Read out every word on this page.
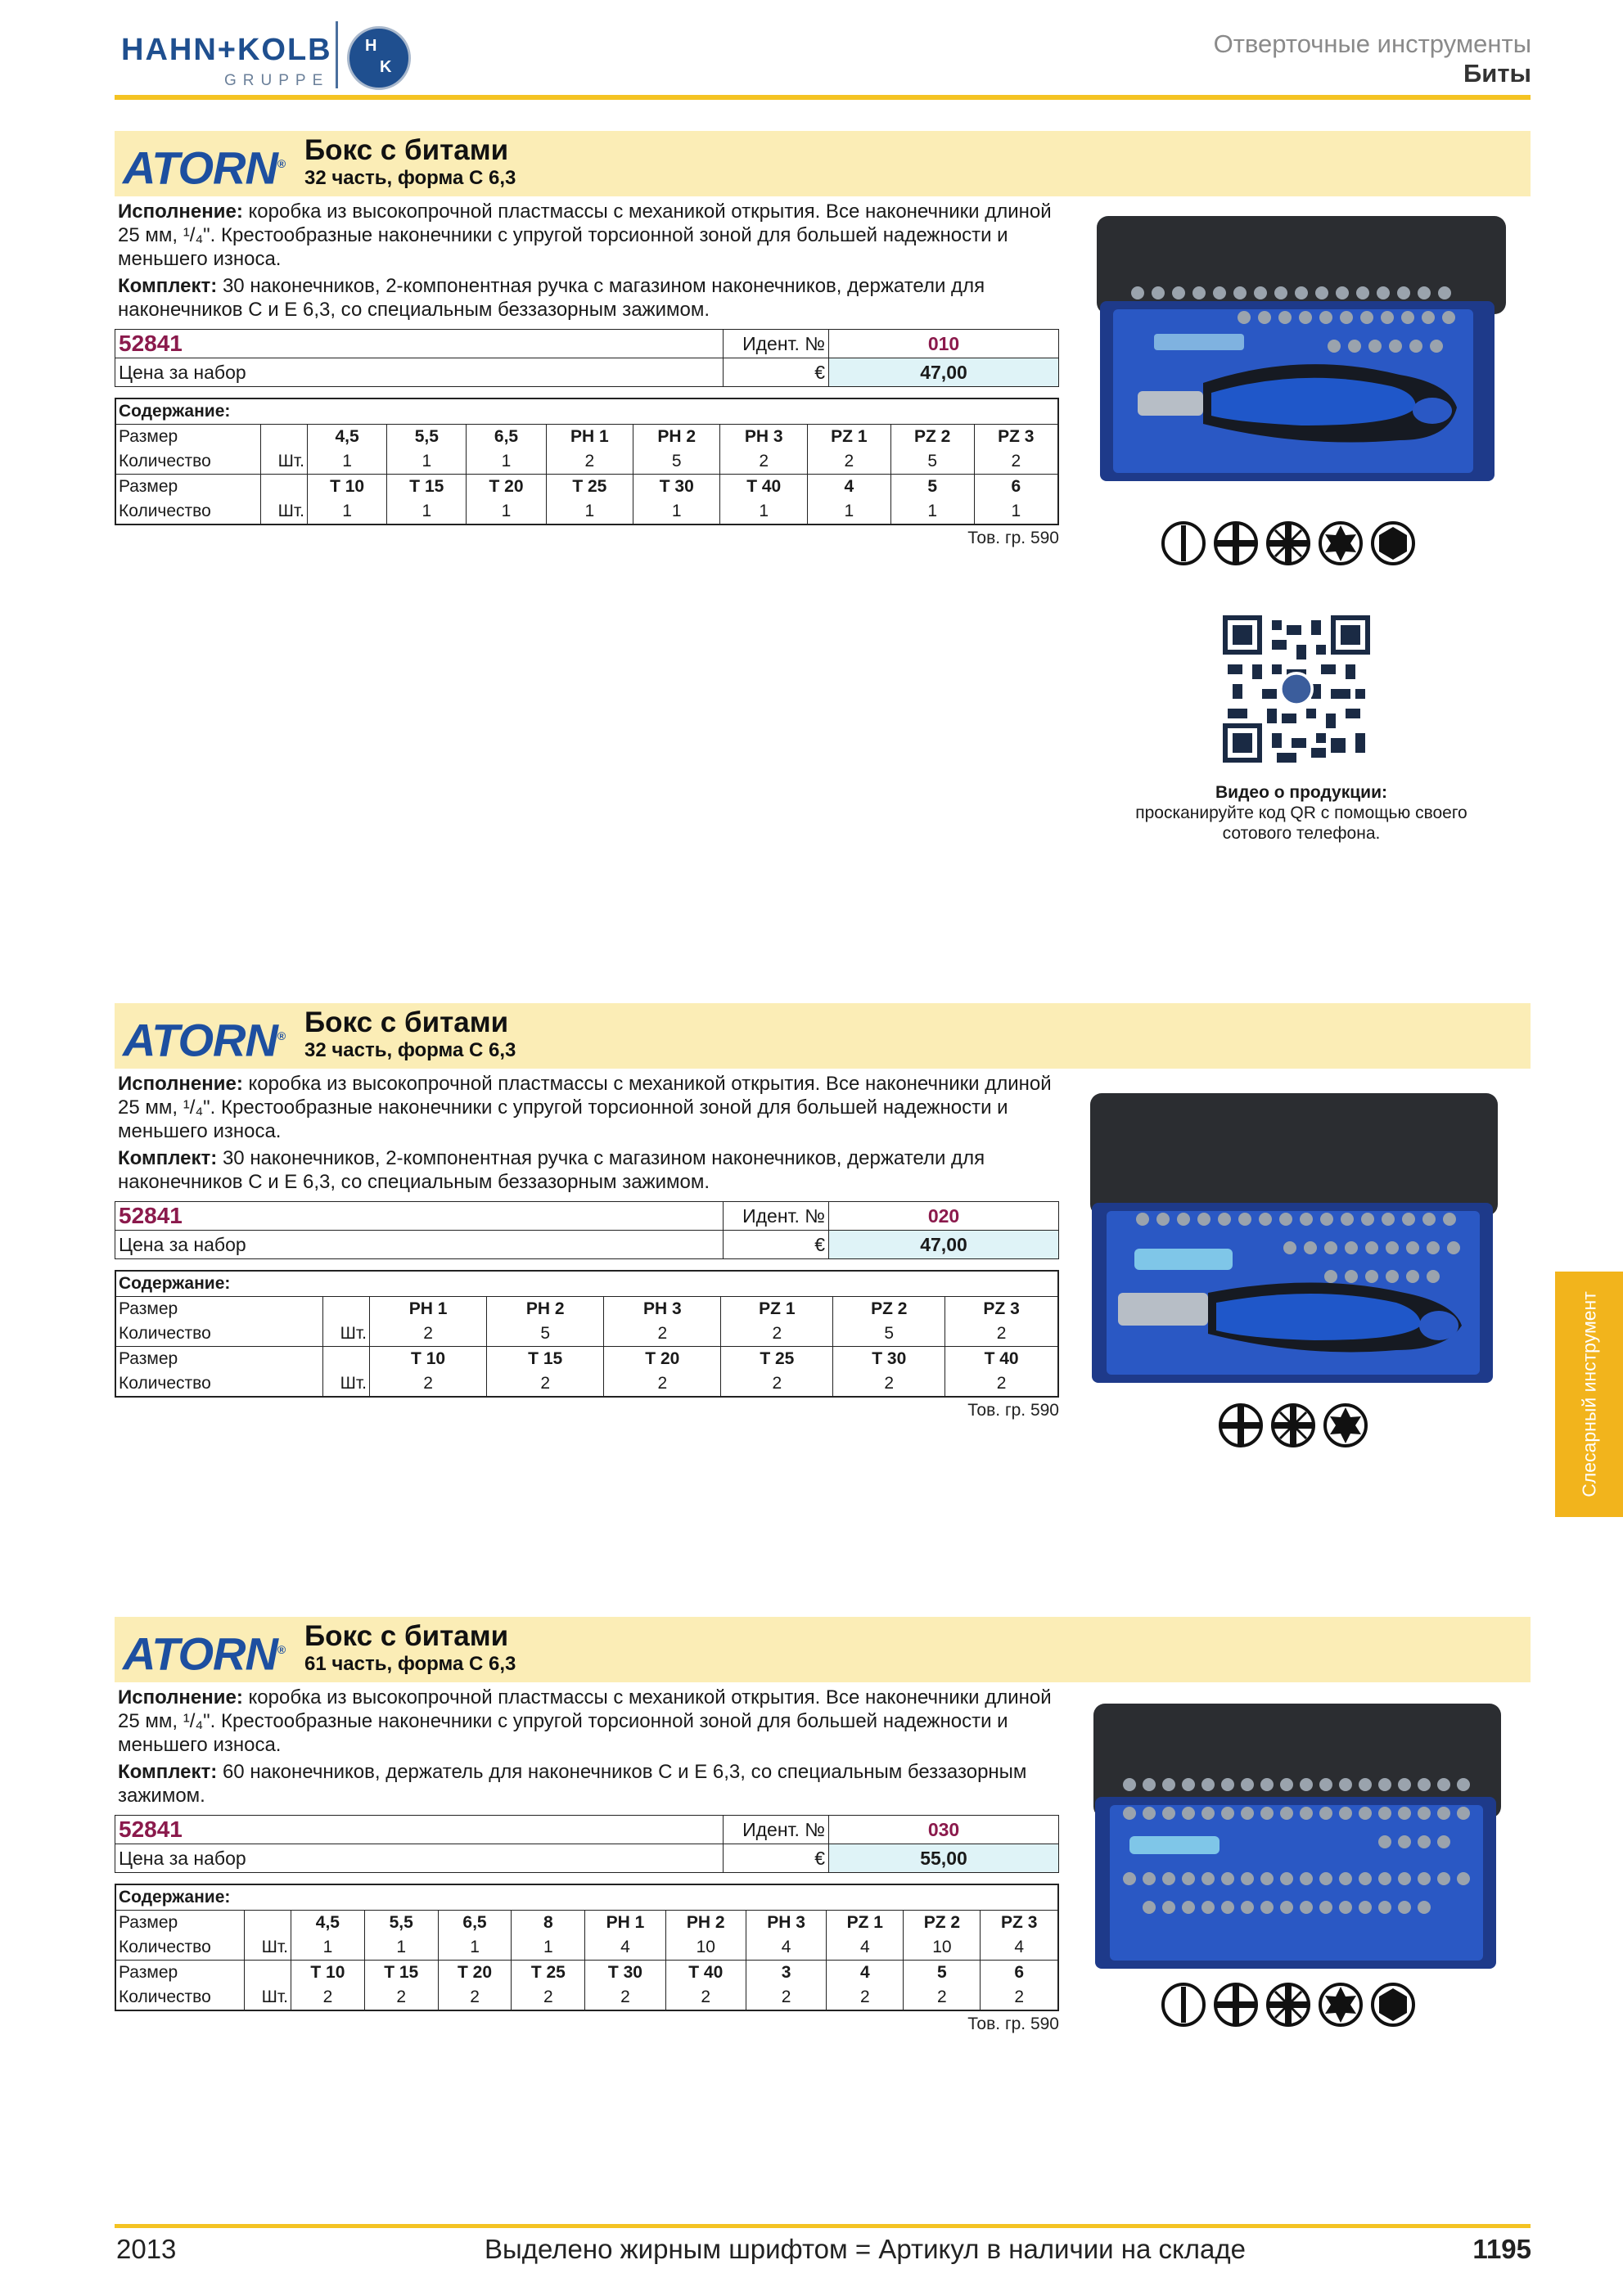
HAHN+KOLB
GRUPPE
H
K
Отверточные инструменты
Биты
ATORN® Бокс с битами
32 часть, форма C 6,3

Исполнение: коробка из высокопрочной пластмассы с механикой открытия. Все наконечники длиной 25 мм, ¹/₄". Крестообразные наконечники с упругой торсионной зоной для большей надежности и меньшего износа.

Комплект: 30 наконечников, 2-компонентная ручка с магазином наконечников, держатели для наконечников C и E 6,3, со специальным беззазорным зажимом.

52841	Идент. №	010
Цена за набор	€	47,00
Содержание:										
Размер		4,5	5,5	6,5	PH 1	PH 2	PH 3	PZ 1	PZ 2	PZ 3
Количество	Шт.	1	1	1	2	5	2	2	5	2
Размер		T 10	T 15	T 20	T 25	T 30	T 40	4	5	6
Количество	Шт.	1	1	1	1	1	1	1	1	1
Тов. гр. 590
Видео о продукции:
просканируйте код QR с помощью своего сотового телефона.
ATORN® Бокс с битами
32 часть, форма C 6,3

Исполнение: коробка из высокопрочной пластмассы с механикой открытия. Все наконечники длиной 25 мм, ¹/₄". Крестообразные наконечники с упругой торсионной зоной для большей надежности и меньшего износа.

Комплект: 30 наконечников, 2-компонентная ручка с магазином наконечников, держатели для наконечников C и E 6,3, со специальным беззазорным зажимом.

52841	Идент. №	020
Цена за набор	€	47,00
Содержание:							
Размер		PH 1	PH 2	PH 3	PZ 1	PZ 2	PZ 3
Количество	Шт.	2	5	2	2	5	2
Размер		T 10	T 15	T 20	T 25	T 30	T 40
Количество	Шт.	2	2	2	2	2	2
Тов. гр. 590
ATORN® Бокс с битами
61 часть, форма C 6,3

Исполнение: коробка из высокопрочной пластмассы с механикой открытия. Все наконечники длиной 25 мм, ¹/₄". Крестообразные наконечники с упругой торсионной зоной для большей надежности и меньшего износа.

Комплект: 60 наконечников, держатель для наконечников C и E 6,3, со специальным беззазорным зажимом.

52841	Идент. №	030
Цена за набор	€	55,00
Содержание:											
Размер		4,5	5,5	6,5	8	PH 1	PH 2	PH 3	PZ 1	PZ 2	PZ 3
Количество	Шт.	1	1	1	1	4	10	4	4	10	4
Размер		T 10	T 15	T 20	T 25	T 30	T 40	3	4	5	6
Количество	Шт.	2	2	2	2	2	2	2	2	2	2
Тов. гр. 590
Слесарный инструмент
2013	Выделено жирным шрифтом = Артикул в наличии на складе	1195
